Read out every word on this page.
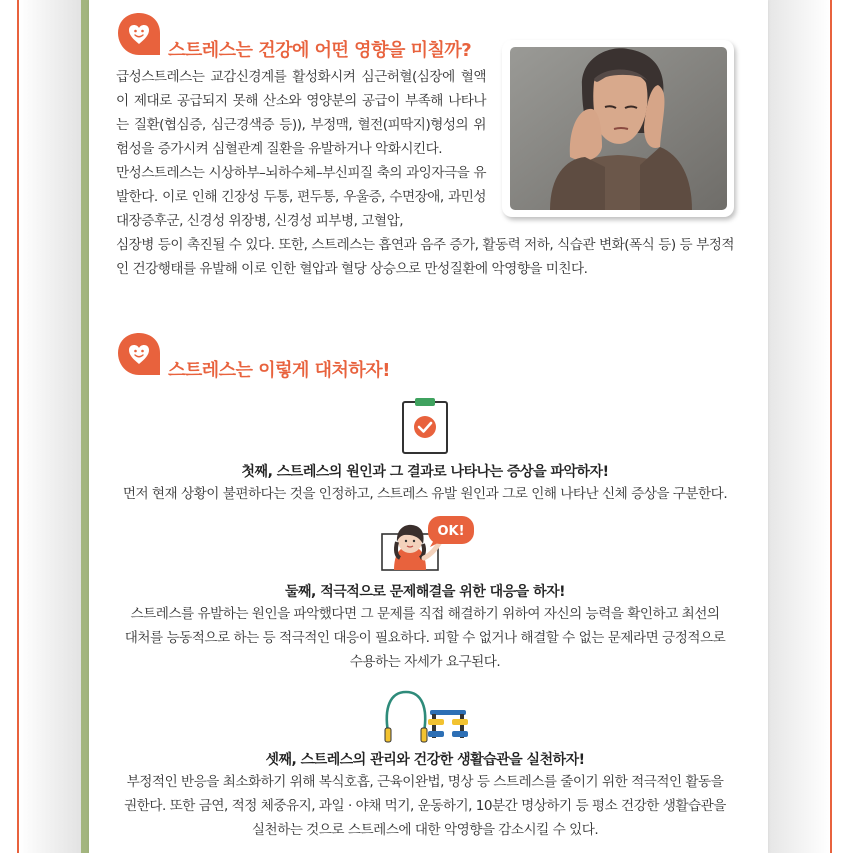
스트레스는 건강에 어떤 영향을 미칠까?
급성스트레스는 교감신경계를 활성화시켜 심근허혈(심장에 혈액이 제대로 공급되지 못해 산소와 영양분의 공급이 부족해 나타나는 질환(협심증, 심근경색증 등)), 부정맥, 혈전(피딱지)형성의 위험성을 증가시켜 심혈관계 질환을 유발하거나 악화시킨다.
만성스트레스는 시상하부–뇌하수체–부신피질 축의 과잉자극을 유발한다. 이로 인해 긴장성 두통, 편두통, 우울증, 수면장애, 과민성 대장증후군, 신경성 위장병, 신경성 피부병, 고혈압,
심장병 등이 촉진될 수 있다. 또한, 스트레스는 흡연과 음주 증가, 활동력 저하, 식습관 변화(폭식 등) 등 부정적인 건강행태를 유발해 이로 인한 혈압과 혈당 상승으로 만성질환에 악영향을 미친다.
스트레스는 이렇게 대처하자!
첫째, 스트레스의 원인과 그 결과로 나타나는 증상을 파악하자!
먼저 현재 상황이 불편하다는 것을 인정하고, 스트레스 유발 원인과 그로 인해 나타난 신체 증상을 구분한다.
OK!
둘째, 적극적으로 문제해결을 위한 대응을 하자!
스트레스를 유발하는 원인을 파악했다면 그 문제를 직접 해결하기 위하여 자신의 능력을 확인하고 최선의
대처를 능동적으로 하는 등 적극적인 대응이 필요하다. 피할 수 없거나 해결할 수 없는 문제라면 긍정적으로
수용하는 자세가 요구된다.
셋째, 스트레스의 관리와 건강한 생활습관을 실천하자!
부정적인 반응을 최소화하기 위해 복식호흡, 근육이완법, 명상 등 스트레스를 줄이기 위한 적극적인 활동을
권한다. 또한 금연, 적정 체중유지, 과일 · 야채 먹기, 운동하기, 10분간 명상하기 등 평소 건강한 생활습관을
실천하는 것으로 스트레스에 대한 악영향을 감소시킬 수 있다.
